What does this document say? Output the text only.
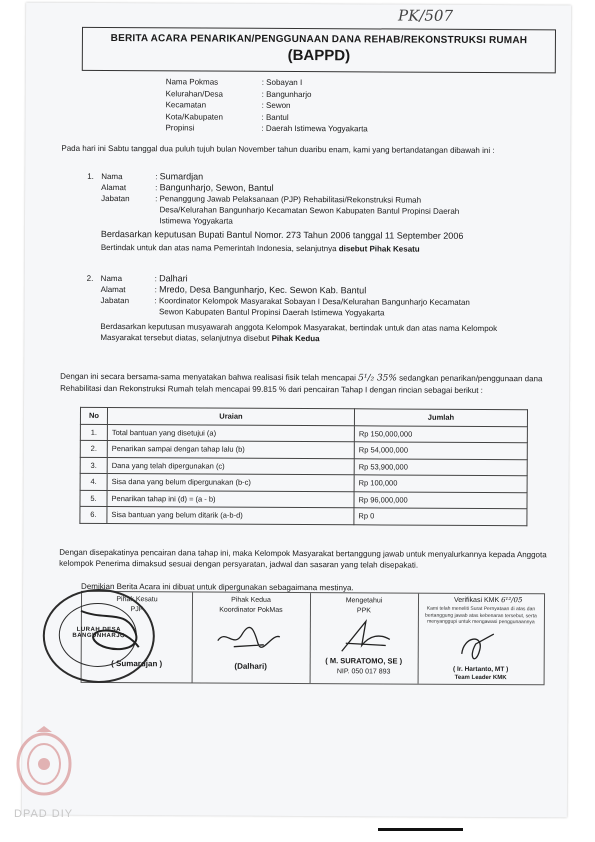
PK/507
BERITA ACARA PENARIKAN/PENGGUNAAN DANA REHAB/REKONSTRUKSI RUMAH
(BAPPD)
Nama Pokmas	: Sobayan I
Kelurahan/Desa	: Bangunharjo
Kecamatan	: Sewon
Kota/Kabupaten	: Bantul
Propinsi	: Daerah Istimewa Yogyakarta
Pada hari ini Sabtu tanggal dua puluh tujuh bulan November tahun duaribu enam, kami yang bertandatangan dibawah ini :
1. Nama	: Sumardjan
Alamat	: Bangunharjo, Sewon, Bantul
Jabatan	: Penanggung Jawab Pelaksanaan (PJP) Rehabilitasi/Rekonstruksi Rumah Desa/Kelurahan Bangunharjo Kecamatan Sewon Kabupaten Bantul Propinsi Daerah Istimewa Yogyakarta
Berdasarkan keputusan Bupati Bantul Nomor. 273 Tahun 2006 tanggal 11 September 2006
Bertindak untuk dan atas nama Pemerintah Indonesia, selanjutnya disebut Pihak Kesatu
2. Nama	: Dalhari
Alamat	: Mredo, Desa Bangunharjo, Kec. Sewon Kab. Bantul
Jabatan	: Koordinator Kelompok Masyarakat Sobayan I Desa/Kelurahan Bangunharjo Kecamatan Sewon Kabupaten Bantul Propinsi Daerah Istimewa Yogyakarta
Berdasarkan keputusan musyawarah anggota Kelompok Masyarakat, bertindak untuk dan atas nama Kelompok Masyarakat tersebut diatas, selanjutnya disebut Pihak Kedua
Dengan ini secara bersama-sama menyatakan bahwa realisasi fisik telah mencapai 5¹/₂ 35% sedangkan penarikan/penggunaan dana Rehabilitasi dan Rekonstruksi Rumah telah mencapai 99.815 % dari pencairan Tahap I dengan rincian sebagai berikut :
No	Uraian	Jumlah
1.	Total bantuan yang disetujui (a)	Rp 150,000,000
2.	Penarikan sampai dengan tahap lalu (b)	Rp 54,000,000
3.	Dana yang telah dipergunakan (c)	Rp 53,900,000
4.	Sisa dana yang belum dipergunakan (b-c)	Rp 100,000
5.	Penarikan tahap ini (d) = (a - b)	Rp 96,000,000
6.	Sisa bantuan yang belum ditarik (a-b-d)	Rp 0
Dengan disepakatinya pencairan dana tahap ini, maka Kelompok Masyarakat bertanggung jawab untuk menyalurkannya kepada Anggota kelompok Penerima dimaksud sesuai dengan persyaratan, jadwal dan sasaran yang telah disepakati.
Demikian Berita Acara ini dibuat untuk dipergunakan sebagaimana mestinya.
Pihak Kesatu
PJP
( Sumardjan )
Pihak Kedua
Koordinator PokMas
(Dalhari)
Mengetahui
PPK
( M. SURATOMO, SE )
NIP. 050 017 893
Verifikasi KMK 6¹²/05
Kami telah meneliti Surat Pernyataan di atas dan bertanggung jawab atas kebenaran tersebut, serta menyanggupi untuk mengawasi penggunaannya
( Ir. Hartanto, MT )
Team Leader KMK
LURAH DESA BANGUNHARJO
DPAD DIY
